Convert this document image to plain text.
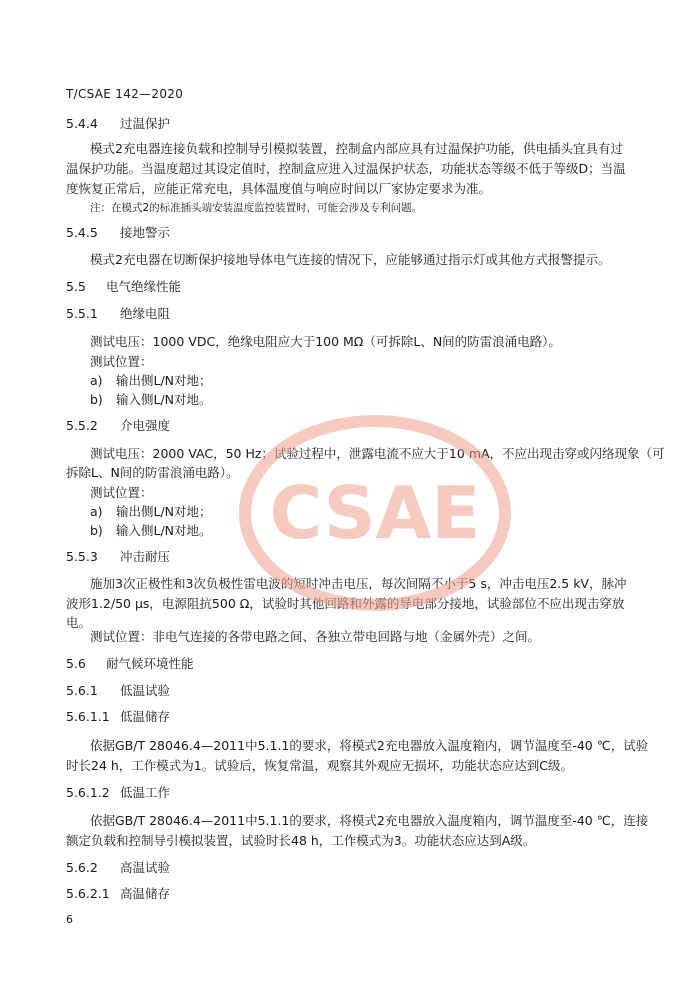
T/CSAE 142—2020
5.4.4 过温保护
模式2充电器连接负载和控制导引模拟装置，控制盒内部应具有过温保护功能，供电插头宜具有过
温保护功能。当温度超过其设定值时，控制盒应进入过温保护状态，功能状态等级不低于等级D；当温
度恢复正常后，应能正常充电，具体温度值与响应时间以厂家协定要求为准。
注：在模式2的标准插头端安装温度监控装置时，可能会涉及专利问题。
5.4.5 接地警示
模式2充电器在切断保护接地导体电气连接的情况下，应能够通过指示灯或其他方式报警提示。
5.5 电气绝缘性能
5.5.1 绝缘电阻
测试电压：1000 VDC，绝缘电阻应大于100 MΩ（可拆除L、N间的防雷浪涌电路）。
测试位置：
a) 输出侧L/N对地；
b) 输入侧L/N对地。
5.5.2 介电强度
测试电压：2000 VAC，50 Hz；试验过程中，泄露电流不应大于10 mA，不应出现击穿或闪络现象（可
拆除L、N间的防雷浪涌电路）。
测试位置：
a) 输出侧L/N对地；
b) 输入侧L/N对地。
5.5.3 冲击耐压
施加3次正极性和3次负极性雷电波的短时冲击电压，每次间隔不小于5 s，冲击电压2.5 kV，脉冲
波形1.2/50 μs，电源阻抗500 Ω，试验时其他回路和外露的导电部分接地，试验部位不应出现击穿放
电。
测试位置：非电气连接的各带电路之间、各独立带电回路与地（金属外壳）之间。
5.6 耐气候环境性能
5.6.1 低温试验
5.6.1.1 低温储存
依据GB/T 28046.4—2011中5.1.1的要求，将模式2充电器放入温度箱内，调节温度至-40 ℃，试验
时长24 h，工作模式为1。试验后，恢复常温，观察其外观应无损坏，功能状态应达到C级。
5.6.1.2 低温工作
依据GB/T 28046.4—2011中5.1.1的要求，将模式2充电器放入温度箱内，调节温度至-40 ℃，连接
额定负载和控制导引模拟装置，试验时长48 h，工作模式为3。功能状态应达到A级。
5.6.2 高温试验
5.6.2.1 高温储存
6
CSAE
